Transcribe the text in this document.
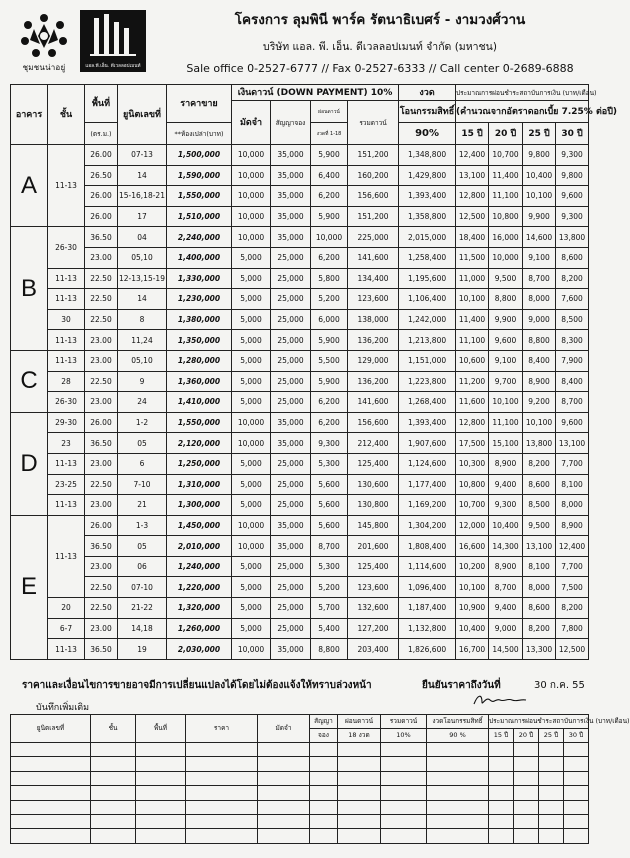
ชุมชนน่าอยู่	แอล.พี.เอ็น. ดีเวลลอปเมนท์
โครงการ ลุมพินี พาร์ค รัตนาธิเบศร์ - งามวงศ์วาน
บริษัท แอล. พี. เอ็น. ดีเวลลอปเมนท์ จำกัด (มหาชน)
Sale office 0-2527-6777 // Fax 0-2527-6333 // Call center 0-2689-6888
อาคาร	ชั้น	พื้นที่	ยูนิตเลขที่	ราคาขาย	เงินดาวน์ (DOWN PAYMENT) 10%				งวด	ประมาณการผ่อนชำระสถาบันการเงิน (บาท/เดือน)			
					มัดจำ	สัญญาจอง	ผ่อนดาวน์	รวมดาวน์	โอนกรรมสิทธิ์	(คำนวณจากอัตราดอกเบี้ย 7.25% ต่อปี)			
		(ตร.ม.)		**ห้องเปล่า(บาท)			งวดที่ 1-18		90%	15 ปี	20 ปี	25 ปี	30 ปี
A	11-13	26.00	07-13	1,500,000	10,000	35,000	5,900	151,200	1,348,800	12,400	10,700	9,800	9,300
		26.50	14	1,590,000	10,000	35,000	6,400	160,200	1,429,800	13,100	11,400	10,400	9,800
		26.00	15-16,18-21	1,550,000	10,000	35,000	6,200	156,600	1,393,400	12,800	11,100	10,100	9,600
		26.00	17	1,510,000	10,000	35,000	5,900	151,200	1,358,800	12,500	10,800	9,900	9,300
B	26-30	36.50	04	2,240,000	10,000	35,000	10,000	225,000	2,015,000	18,400	16,000	14,600	13,800
		23.00	05,10	1,400,000	5,000	25,000	6,200	141,600	1,258,400	11,500	10,000	9,100	8,600
	11-13	22.50	12-13,15-19	1,330,000	5,000	25,000	5,800	134,400	1,195,600	11,000	9,500	8,700	8,200
	11-13	22.50	14	1,230,000	5,000	25,000	5,200	123,600	1,106,400	10,100	8,800	8,000	7,600
	30	22.50	8	1,380,000	5,000	25,000	6,000	138,000	1,242,000	11,400	9,900	9,000	8,500
	11-13	23.00	11,24	1,350,000	5,000	25,000	5,900	136,200	1,213,800	11,100	9,600	8,800	8,300
C	11-13	23.00	05,10	1,280,000	5,000	25,000	5,500	129,000	1,151,000	10,600	9,100	8,400	7,900
	28	22.50	9	1,360,000	5,000	25,000	5,900	136,200	1,223,800	11,200	9,700	8,900	8,400
	26-30	23.00	24	1,410,000	5,000	25,000	6,200	141,600	1,268,400	11,600	10,100	9,200	8,700
D	29-30	26.00	1-2	1,550,000	10,000	35,000	6,200	156,600	1,393,400	12,800	11,100	10,100	9,600
	23	36.50	05	2,120,000	10,000	35,000	9,300	212,400	1,907,600	17,500	15,100	13,800	13,100
	11-13	23.00	6	1,250,000	5,000	25,000	5,300	125,400	1,124,600	10,300	8,900	8,200	7,700
	23-25	22.50	7-10	1,310,000	5,000	25,000	5,600	130,600	1,177,400	10,800	9,400	8,600	8,100
	11-13	23.00	21	1,300,000	5,000	25,000	5,600	130,800	1,169,200	10,700	9,300	8,500	8,000
E	11-13	26.00	1-3	1,450,000	10,000	35,000	5,600	145,800	1,304,200	12,000	10,400	9,500	8,900
		36.50	05	2,010,000	10,000	35,000	8,700	201,600	1,808,400	16,600	14,300	13,100	12,400
		23.00	06	1,240,000	5,000	25,000	5,300	125,400	1,114,600	10,200	8,900	8,100	7,700
		22.50	07-10	1,220,000	5,000	25,000	5,200	123,600	1,096,400	10,100	8,700	8,000	7,500
	20	22.50	21-22	1,320,000	5,000	25,000	5,700	132,600	1,187,400	10,900	9,400	8,600	8,200
	6-7	23.00	14,18	1,260,000	5,000	25,000	5,400	127,200	1,132,800	10,400	9,000	8,200	7,800
	11-13	36.50	19	2,030,000	10,000	35,000	8,800	203,400	1,826,600	16,700	14,500	13,300	12,500
ราคาและเงื่อนไขการขายอาจมีการเปลี่ยนแปลงได้โดยไม่ต้องแจ้งให้ทราบล่วงหน้า	ยืนยันราคาถึงวันที่	30 ก.ค. 55
บันทึกเพิ่มเติม
ยูนิตเลขที่	ชั้น	พื้นที่	ราคา	มัดจำ	สัญญา	ผ่อนดาวน์	รวมดาวน์	งวดโอนกรรมสิทธิ์	ประมาณการผ่อนชำระสถาบันการเงิน (บาท/เดือน)			
					จอง	18 งวด	10%	90 %	15 ปี	20 ปี	25 ปี	30 ปี
